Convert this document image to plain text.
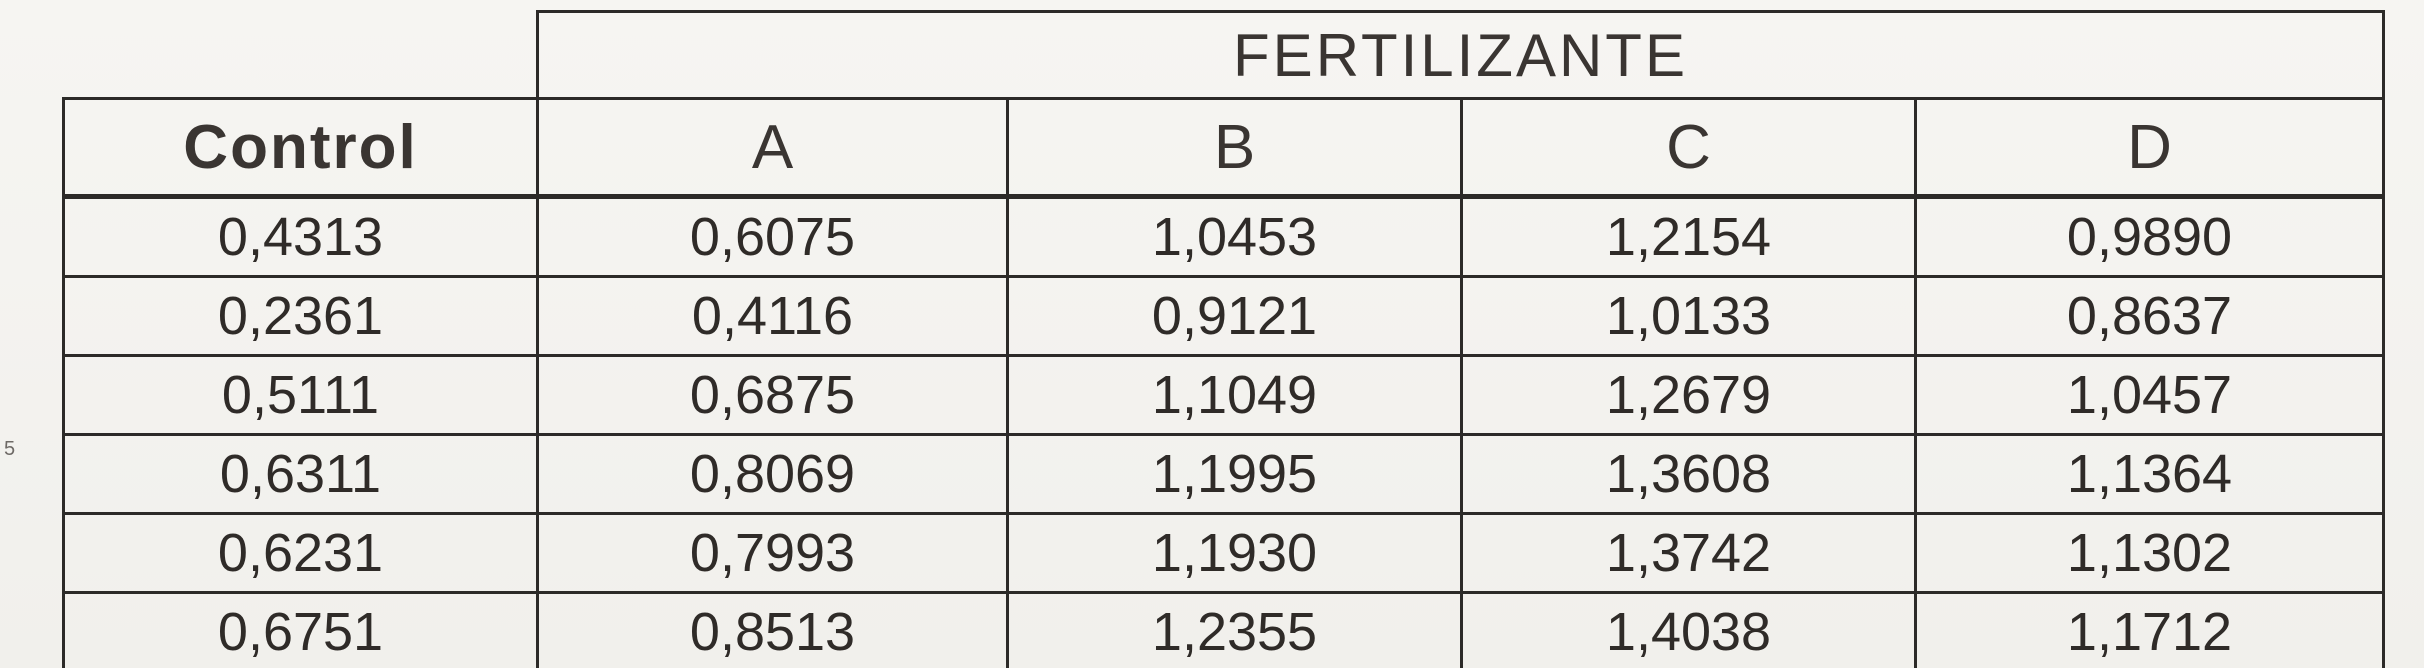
5
	FERTILIZANTE			
Control	A	B	C	D
0,4313	0,6075	1,0453	1,2154	0,9890
0,2361	0,4116	0,9121	1,0133	0,8637
0,5111	0,6875	1,1049	1,2679	1,0457
0,6311	0,8069	1,1995	1,3608	1,1364
0,6231	0,7993	1,1930	1,3742	1,1302
0,6751	0,8513	1,2355	1,4038	1,1712
